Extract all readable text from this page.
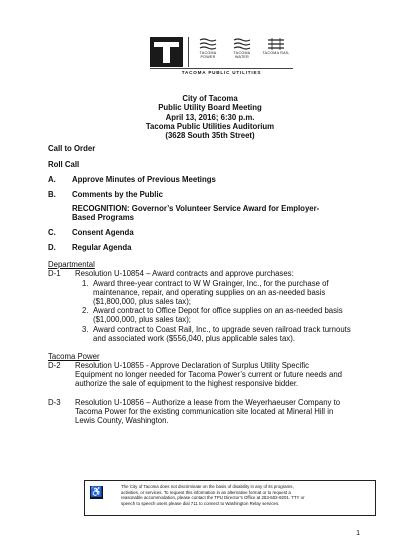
TACOMA POWER
TACOMA WATER
TACOMA RAIL
TACOMA PUBLIC UTILITIES
City of Tacoma
Public Utility Board Meeting
April 13, 2016; 6:30 p.m.
Tacoma Public Utilities Auditorium
(3628 South 35th Street)
Call to Order
Roll Call
A. Approve Minutes of Previous Meetings
B. Comments by the Public
RECOGNITION: Governor’s Volunteer Service Award for Employer-
Based Programs
C. Consent Agenda
D. Regular Agenda
Departmental
D-1 Resolution U-10854 – Award contracts and approve purchases:
1. Award three-year contract to W W Grainger, Inc., for the purchase of
maintenance, repair, and operating supplies on an as-needed basis
($1,800,000, plus sales tax);
2. Award contract to Office Depot for office supplies on an as-needed basis
($1,000,000, plus sales tax);
3. Award contract to Coast Rail, Inc., to upgrade seven railroad track turnouts
and associated work ($556,040, plus applicable sales tax).
Tacoma Power
D-2 Resolution U-10855 - Approve Declaration of Surplus Utility Specific
Equipment no longer needed for Tacoma Power’s current or future needs and
authorize the sale of equipment to the highest responsive bidder.
D-3 Resolution U-10856 – Authorize a lease from the Weyerhaeuser Company to
Tacoma Power for the existing communication site located at Mineral Hill in
Lewis County, Washington.
♿
The City of Tacoma does not discriminate on the basis of disability in any of its programs,
activities, or services. To request this information in an alternative format or to request a
reasonable accommodation, please contact the TPU Director’s Office at 253-502-8201. TTY or
speech to speech users please dial 711 to connect to Washington Relay services.
1
